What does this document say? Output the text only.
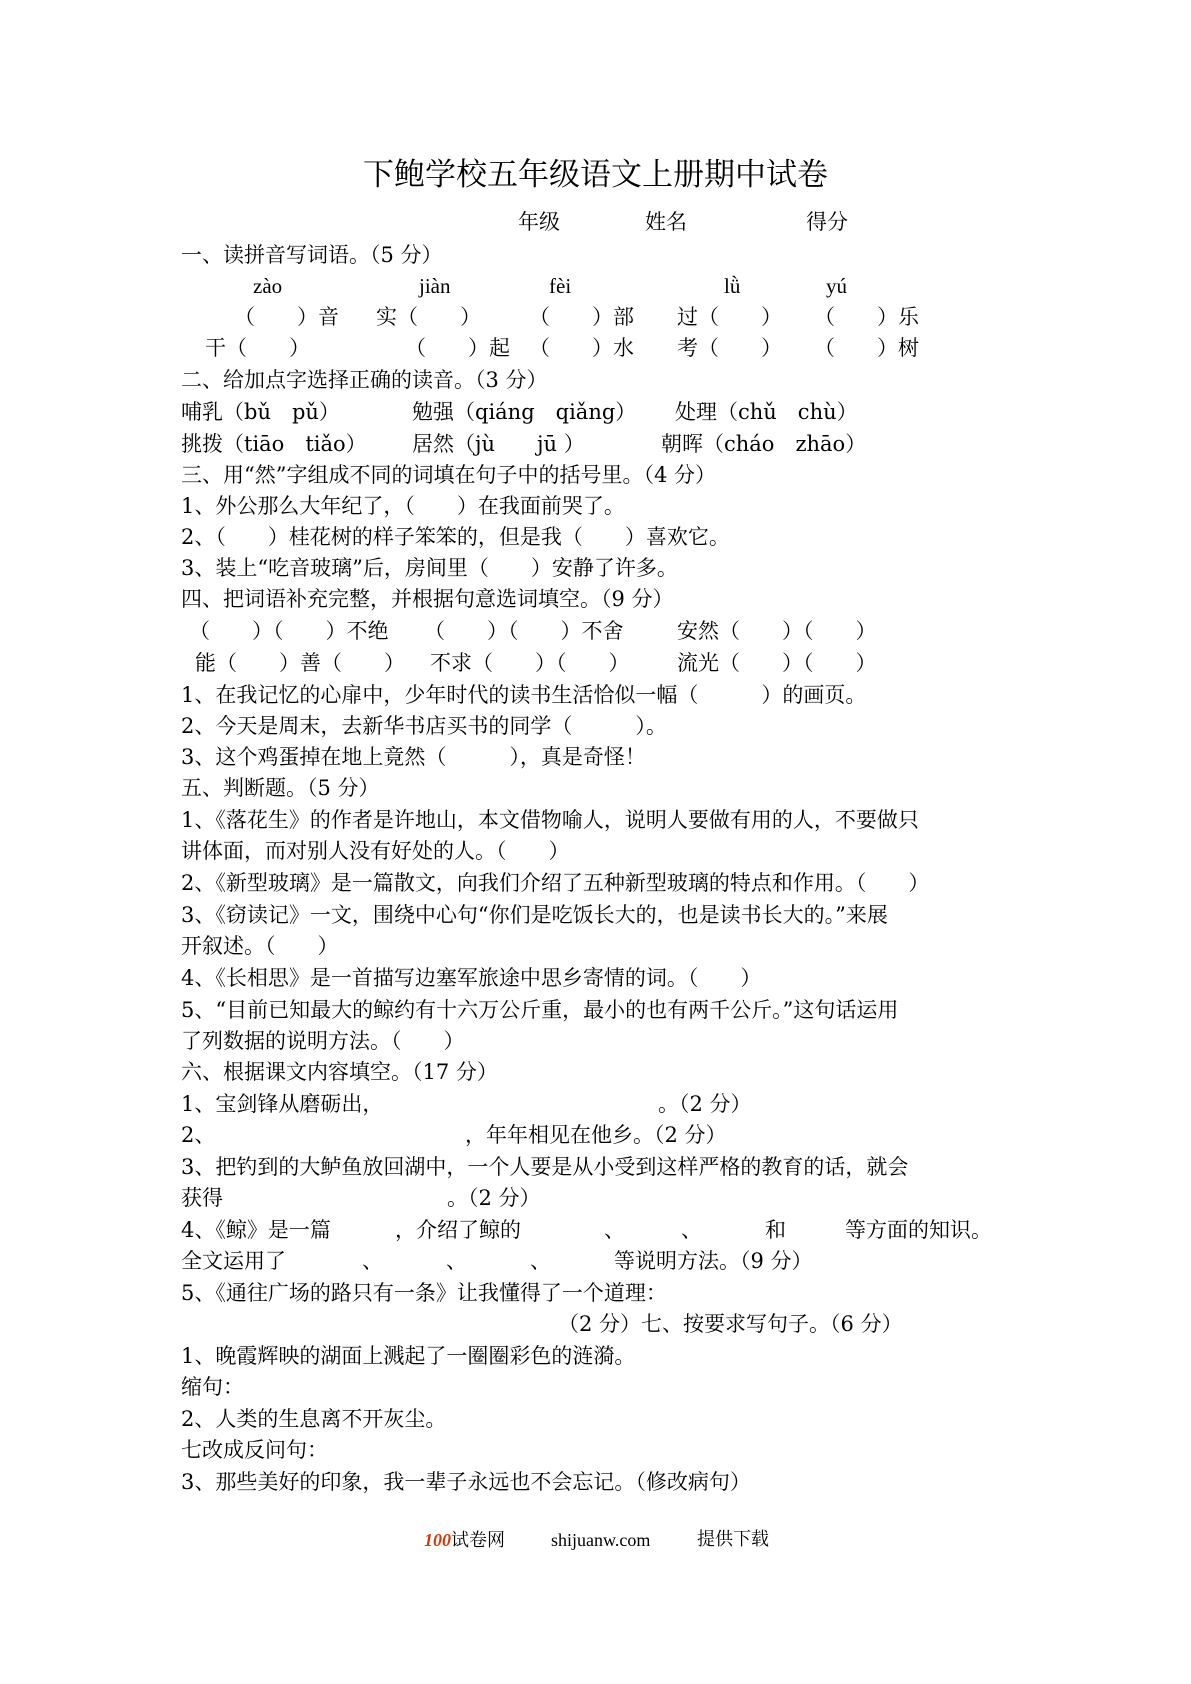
下鲍学校五年级语文上册期中试卷
年级	姓名	得分
一、读拼音写词语。（5 分）
zào	jiàn	fèi	lǜ	yú
（　　）音 实（　　） （　　）部 过（　　） （　　）乐
干（　　）	（　　）起 （　　）水 考（　　） （　　）树
二、给加点字选择正确的读音。（3 分）
哺乳（bǔ　pǔ）	勉强（qiáng　qiǎng） 处理（chǔ　chù）
挑拨（tiāo　tiǎo） 居然（jù　　jū ）	朝晖（cháo　zhāo）
三、用“然”字组成不同的词填在句子中的括号里。（4 分）
1、外公那么大年纪了，（　　）在我面前哭了。
2、（　　）桂花树的样子笨笨的，但是我（　　）喜欢它。
3、装上“吃音玻璃”后，房间里（　　）安静了许多。
四、把词语补充完整，并根据句意选词填空。（9 分）
（　　）（　　）不绝 （　　）（　　）不舍	安然（　　）（　　）
能（　　）善（　　） 不求（　　）（　　） 流光（　　）（　　）
1、在我记忆的心扉中，少年时代的读书生活恰似一幅（　　　）的画页。
2、今天是周末，去新华书店买书的同学（　　　）。
3、这个鸡蛋掉在地上竟然（　　　），真是奇怪！
五、判断题。（5 分）
1、《落花生》的作者是许地山，本文借物喻人，说明人要做有用的人，不要做只
讲体面，而对别人没有好处的人。（　　）
2、《新型玻璃》是一篇散文，向我们介绍了五种新型玻璃的特点和作用。（　　）
3、《窃读记》一文，围绕中心句“你们是吃饭长大的，也是读书长大的。”来展
开叙述。（　　）
4、《长相思》是一首描写边塞军旅途中思乡寄情的词。（　　）
5、“目前已知最大的鲸约有十六万公斤重，最小的也有两千公斤。”这句话运用
了列数据的说明方法。（　　）
六、根据课文内容填空。（17 分）
1、宝剑锋从磨砺出，	。（2 分）
2、	，年年相见在他乡。（2 分）
3、把钓到的大鲈鱼放回湖中，一个人要是从小受到这样严格的教育的话，就会
获得	。（2 分）
4、《鲸》是一篇	，介绍了鲸的	、	、	和	等方面的知识。
全文运用了	、	、	、	等说明方法。（9 分）
5、《通往广场的路只有一条》让我懂得了一个道理：
（2 分）七、按要求写句子。（6 分）
1、晚霞辉映的湖面上溅起了一圈圈彩色的涟漪。
缩句：
2、人类的生息离不开灰尘。
七改成反问句：
3、那些美好的印象，我一辈子永远也不会忘记。（修改病句）
100试卷网	shijuanw.com	提供下载
